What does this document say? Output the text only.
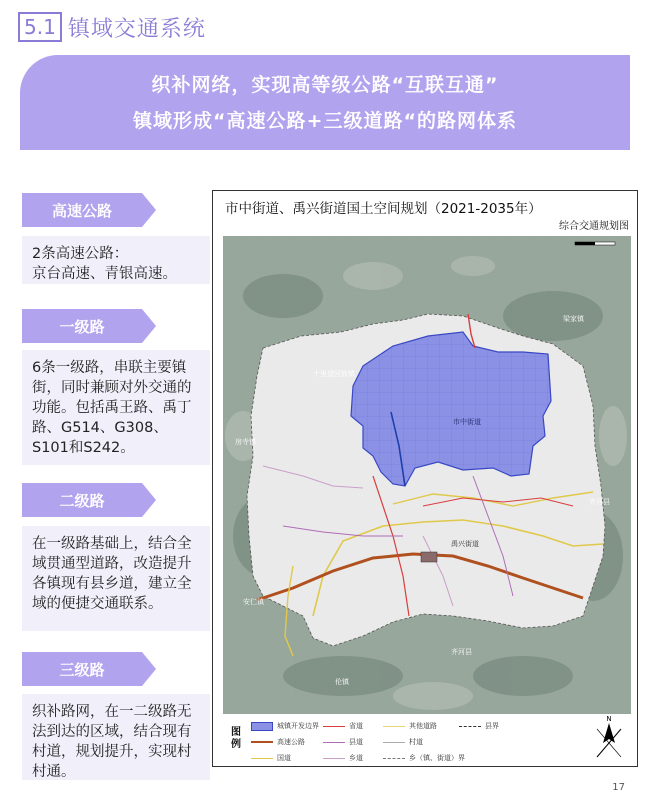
5.1 镇域交通系统
织补网络，实现高等级公路“互联互通”
镇域形成“高速公路+三级道路“的路网体系
高速公路
2条高速公路：
京台高速、青银高速。
一级路
6条一级路，串联主要镇街，同时兼顾对外交通的功能。包括禹王路、禹丁路、G514、G308、S101和S242。
二级路
在一级路基础上，结合全域贯通型道路，改造提升各镇现有县乡道，建立全域的便捷交通联系。
三级路
织补路网，在一二级路无法到达的区域，结合现有村道，规划提升，实现村村通。
市中街道、禹兴街道国土空间规划（2021-2035年）
综合交通规划图
市中街道
禹兴街道
安仁镇
齐河县
齐河县
伦镇
房寺镇
梁家镇
十里望回族镇
图例
城镇开发边界	省道	其他道路	县界
高速公路	县道	村道
国道	乡道	乡（镇、街道）界
N
17
